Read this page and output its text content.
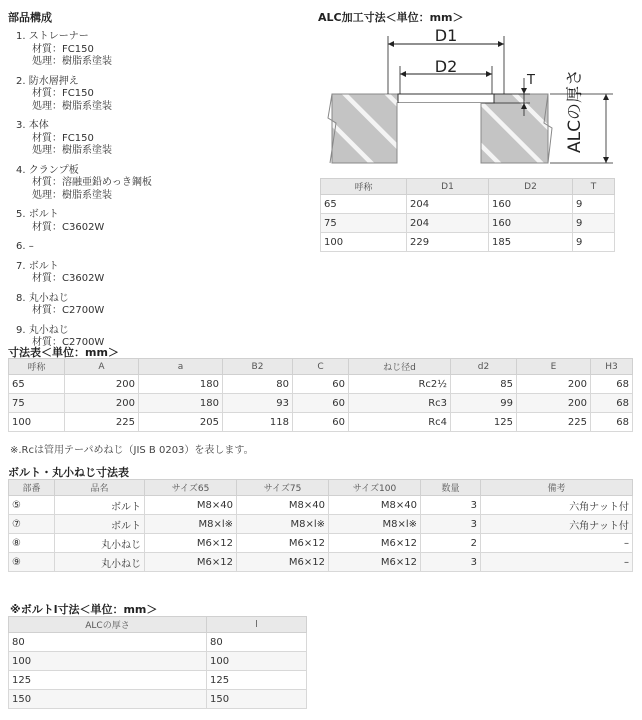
部品構成
1. ストレーナー
材質：FC150
処理：樹脂系塗装
2. 防水層押え
材質：FC150
処理：樹脂系塗装
3. 本体
材質：FC150
処理：樹脂系塗装
4. クランプ板
材質：溶融亜鉛めっき鋼板
処理：樹脂系塗装
5. ボルト
材質：C3602W
6. –
7. ボルト
材質：C3602W
8. 丸小ねじ
材質：C2700W
9. 丸小ねじ
材質：C2700W
ALC加工寸法＜単位：mm＞
D1
D2
T ALCの厚さ
呼称	D1	D2	T
65	204	160	9
75	204	160	9
100	229	185	9
寸法表＜単位：mm＞
呼称	A	a	B2	C	ねじ径d	d2	E	H3
65	200	180	80	60	Rc2½	85	200	68
75	200	180	93	60	Rc3	99	200	68
100	225	205	118	60	Rc4	125	225	68
※.Rcは管用テーパめねじ（JIS B 0203）を表します。
ボルト・丸小ねじ寸法表
部番	品名	サイズ65	サイズ75	サイズ100	数量	備考
⑤	ボルト	M8×40	M8×40	M8×40	3	六角ナット付
⑦	ボルト	M8×l※	M8×l※	M8×l※	3	六角ナット付
⑧	丸小ねじ	M6×12	M6×12	M6×12	2	–
⑨	丸小ねじ	M6×12	M6×12	M6×12	3	–
※ボルトl寸法＜単位：mm＞
ALCの厚さ	l
80	80
100	100
125	125
150	150
